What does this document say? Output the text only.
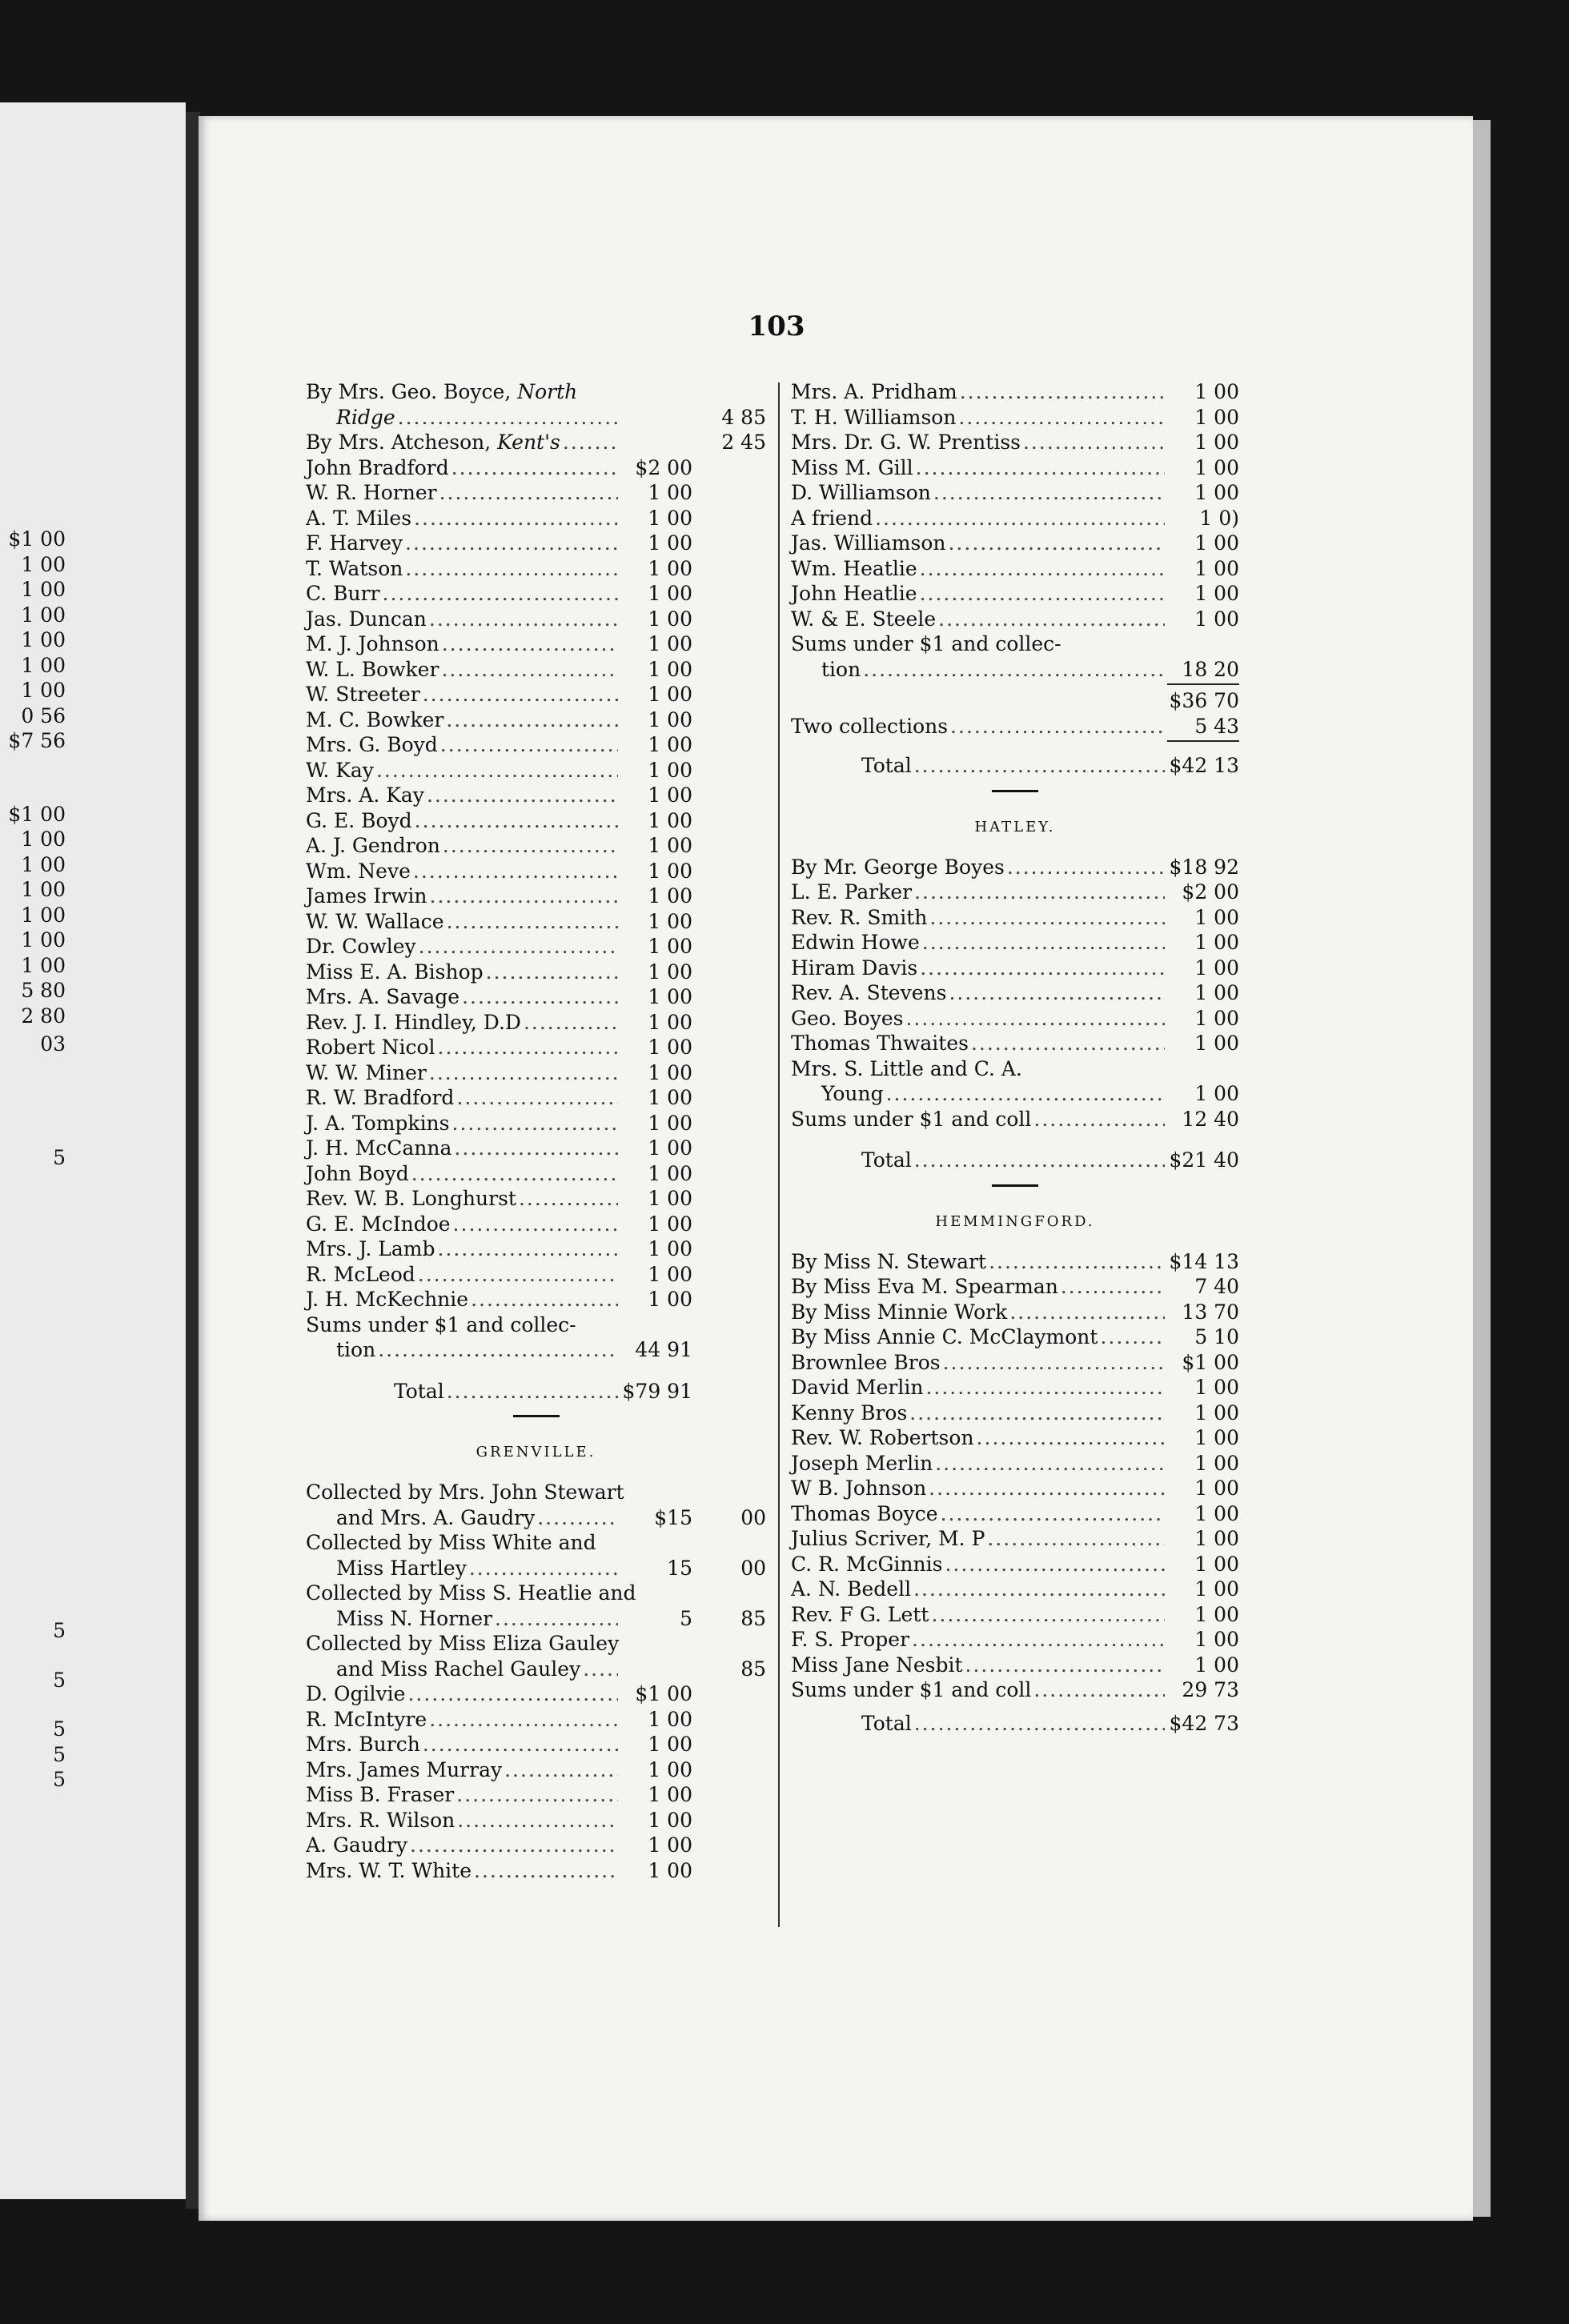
$1 00
1 00
1 00
1 00
1 00
1 00
1 00
0 56
$7 56
$1 00
1 00
1 00
1 00
1 00
1 00
1 00
5 80
2 80
03
5
5
5
5
5
5
103
By Mrs. Geo. Boyce, North
Ridge .....	4 85
By Mrs. Atcheson, Kent's .....	2 45
John Bradford .....	$2 00
W. R. Horner .....	1 00
A. T. Miles .....	1 00
F. Harvey .....	1 00
T. Watson .....	1 00
C. Burr .....	1 00
Jas. Duncan .....	1 00
M. J. Johnson .....	1 00
W. L. Bowker .....	1 00
W. Streeter .....	1 00
M. C. Bowker .....	1 00
Mrs. G. Boyd .....	1 00
W. Kay .....	1 00
Mrs. A. Kay .....	1 00
G. E. Boyd .....	1 00
A. J. Gendron .....	1 00
Wm. Neve .....	1 00
James Irwin .....	1 00
W. W. Wallace .....	1 00
Dr. Cowley .....	1 00
Miss E. A. Bishop .....	1 00
Mrs. A. Savage .....	1 00
Rev. J. I. Hindley, D.D .....	1 00
Robert Nicol .....	1 00
W. W. Miner .....	1 00
R. W. Bradford .....	1 00
J. A. Tompkins .....	1 00
J. H. McCanna .....	1 00
John Boyd .....	1 00
Rev. W. B. Longhurst .....	1 00
G. E. McIndoe .....	1 00
Mrs. J. Lamb .....	1 00
R. McLeod .....	1 00
J. H. McKechnie .....	1 00
Sums under $1 and collec-
tion .....	44 91
Total .....	$79 91
GRENVILLE.
Collected by Mrs. John Stewart
and Mrs. A. Gaudry .....	$15	00
Collected by Miss White and
Miss Hartley .....	15	00
Collected by Miss S. Heatlie and
Miss N. Horner .....	5	85
Collected by Miss Eliza Gauley
and Miss Rachel Gauley .....	85
D. Ogilvie .....	$1 00
R. McIntyre .....	1 00
Mrs. Burch .....	1 00
Mrs. James Murray .....	1 00
Miss B. Fraser .....	1 00
Mrs. R. Wilson .....	1 00
A. Gaudry .....	1 00
Mrs. W. T. White .....	1 00
Mrs. A. Pridham .....	1 00
T. H. Williamson .....	1 00
Mrs. Dr. G. W. Prentiss .....	1 00
Miss M. Gill .....	1 00
D. Williamson .....	1 00
A friend .....	1 0)
Jas. Williamson .....	1 00
Wm. Heatlie .....	1 00
John Heatlie .....	1 00
W. & E. Steele .....	1 00
Sums under $1 and collec-
tion .....	18 20
$36 70
Two collections .....	5 43
Total .....	$42 13
HATLEY.
By Mr. George Boyes .....	$18 92
L. E. Parker .....	$2 00
Rev. R. Smith .....	1 00
Edwin Howe .....	1 00
Hiram Davis .....	1 00
Rev. A. Stevens .....	1 00
Geo. Boyes .....	1 00
Thomas Thwaites .....	1 00
Mrs. S. Little and C. A.
Young .....	1 00
Sums under $1 and coll .....	12 40
Total .....	$21 40
HEMMINGFORD.
By Miss N. Stewart .....	$14 13
By Miss Eva M. Spearman .....	7 40
By Miss Minnie Work .....	13 70
By Miss Annie C. McClaymont .....	5 10
Brownlee Bros .....	$1 00
David Merlin .....	1 00
Kenny Bros .....	1 00
Rev. W. Robertson .....	1 00
Joseph Merlin .....	1 00
W B. Johnson .....	1 00
Thomas Boyce .....	1 00
Julius Scriver, M. P .....	1 00
C. R. McGinnis .....	1 00
A. N. Bedell .....	1 00
Rev. F G. Lett .....	1 00
F. S. Proper .....	1 00
Miss Jane Nesbit .....	1 00
Sums under $1 and coll .....	29 73
Total .....	$42 73
